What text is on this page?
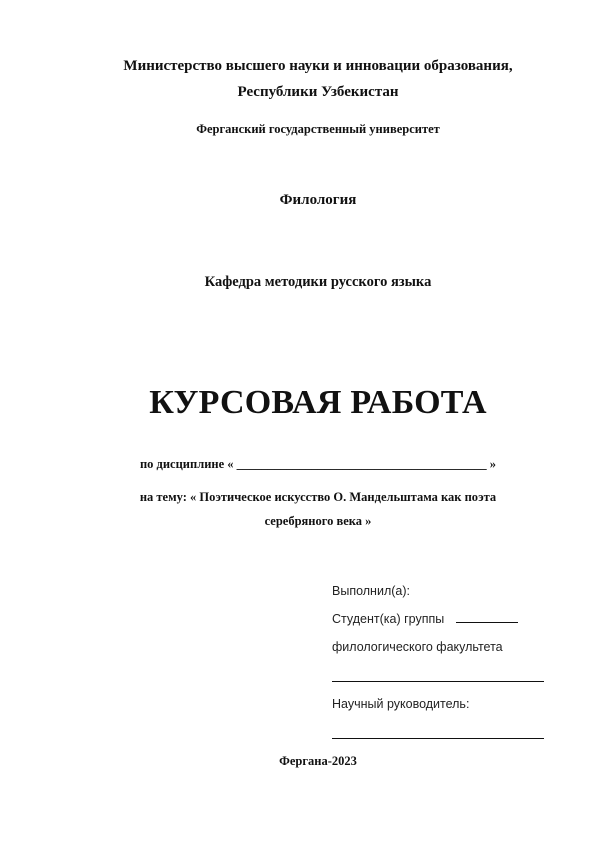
Министерство высшего науки и инновации образования,
Республики Узбекистан
Ферганский государственный университет
Филология
Кафедра методики русского языка
КУРСОВАЯ РАБОТА
по дисциплине « ________________________________________ »
на тему: « Поэтическое искусство О. Мандельштама как поэта
серебряного века »
Выполнил(а):
Студент(ка) группы
филологического факультета
Научный руководитель:
Фергана-2023
